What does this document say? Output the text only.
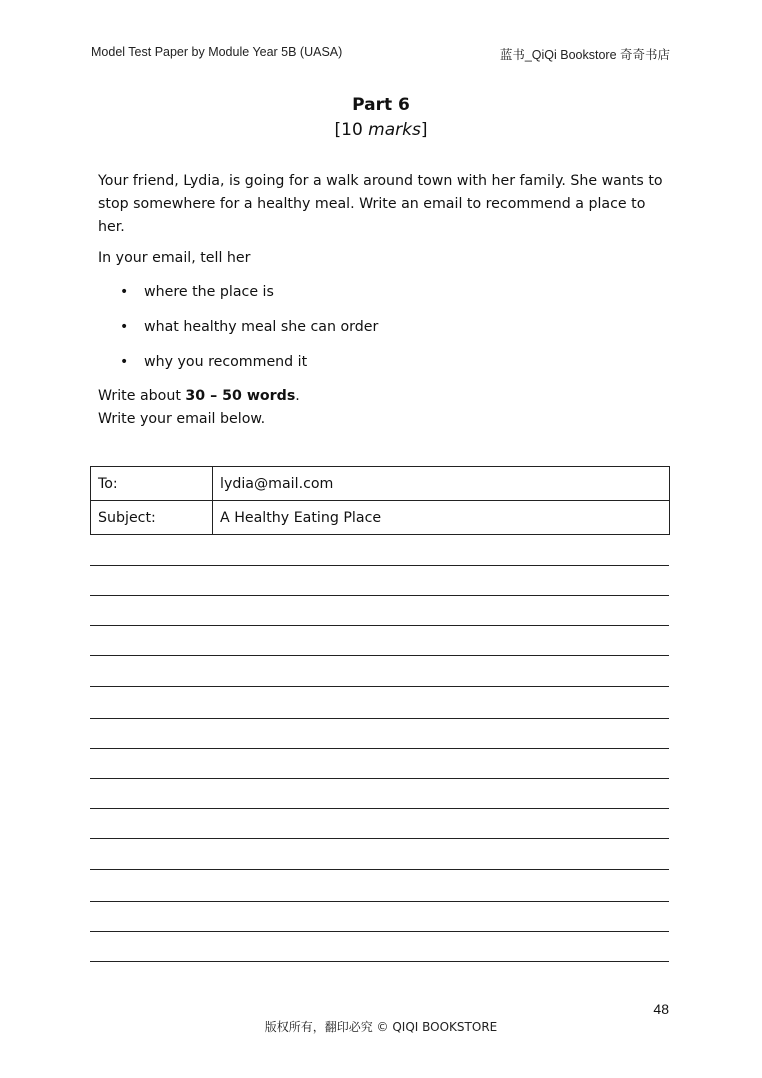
Model Test Paper by Module Year 5B (UASA)	蓝书_QiQi Bookstore 奇奇书店
Part 6
[10 marks]

Your friend, Lydia, is going for a walk around town with her family. She wants to stop somewhere for a healthy meal. Write an email to recommend a place to her.

In your email, tell her

• where the place is
• what healthy meal she can order
• why you recommend it
Write about 30 – 50 words.
Write your email below.
To:	lydia@mail.com
Subject:	A Healthy Eating Place
48
版权所有，翻印必究 © QIQI BOOKSTORE
